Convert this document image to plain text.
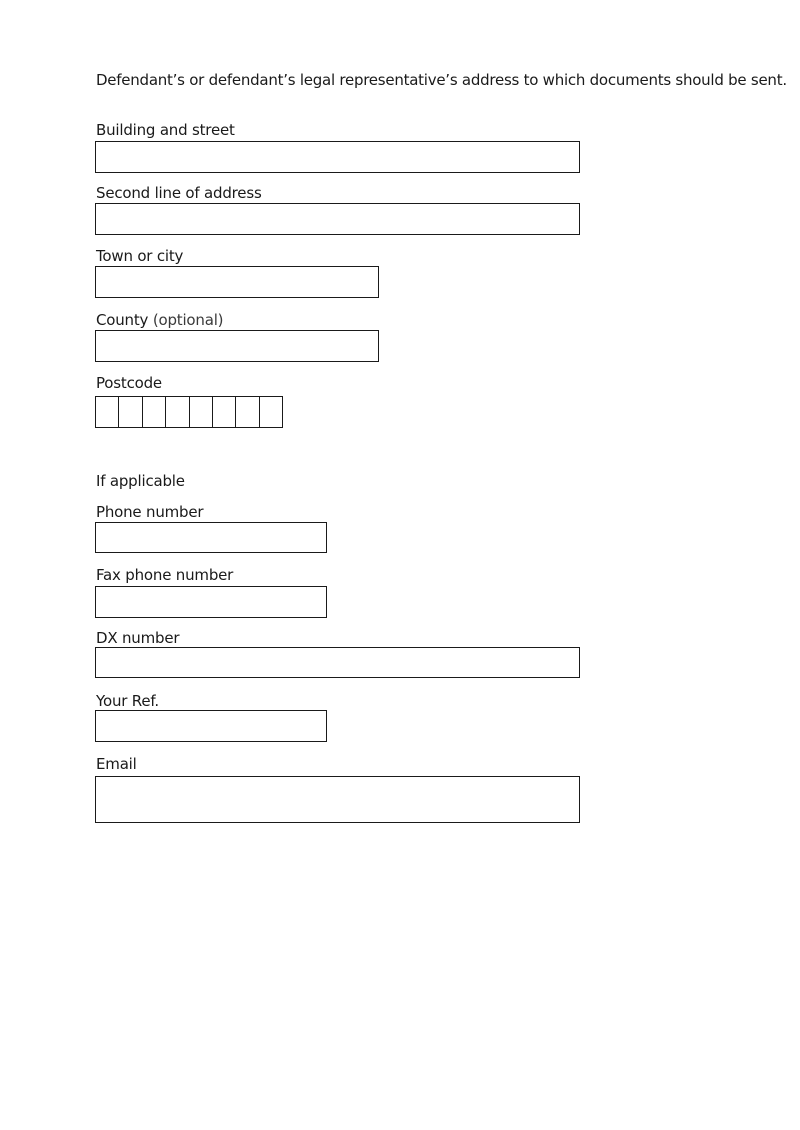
Defendant’s or defendant’s legal representative’s address to which documents should be sent.
Building and street
Second line of address
Town or city
County (optional)
Postcode
If applicable
Phone number
Fax phone number
DX number
Your Ref.
Email
